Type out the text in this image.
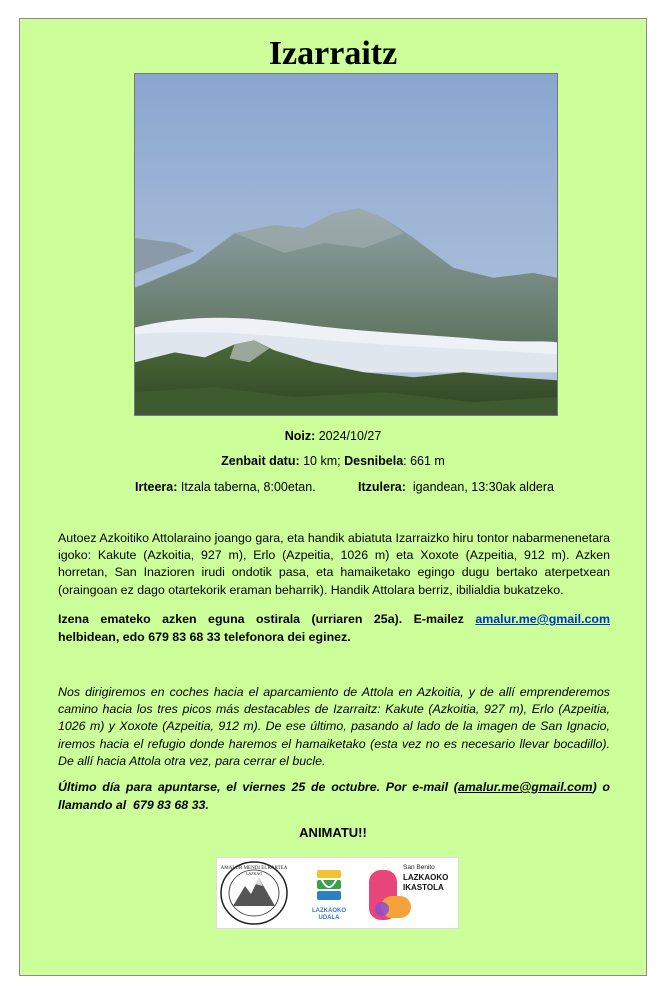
Izarraitz
Noiz: 2024/10/27
Zenbait datu: 10 km; Desnibela: 661 m
Irteera: Itzala taberna, 8:00etan.	Itzulera:  igandean, 13:30ak aldera
Autoez Azkoitiko Attolaraino joango gara, eta handik abiatuta Izarraizko hiru tontor nabarmenenetara igoko: Kakute (Azkoitia, 927 m), Erlo (Azpeitia, 1026 m) eta Xoxote (Azpeitia, 912 m). Azken horretan, San Inazioren irudi ondotik pasa, eta hamaiketako egingo dugu bertako aterpetxean (oraingoan ez dago otartekorik eraman beharrik). Handik Attolara berriz, ibilialdia bukatzeko.
Izena emateko azken eguna ostirala (urriaren 25a). E-mailez amalur.me@gmail.com helbidean, edo 679 83 68 33 telefonora dei eginez.
Nos dirigiremos en coches hacia el aparcamiento de Attola en Azkoitia, y de allí emprenderemos camino hacia los tres picos más destacables de Izarraitz: Kakute (Azkoitia, 927 m), Erlo (Azpeitia, 1026 m) y Xoxote (Azpeitia, 912 m). De ese último, pasando al lado de la imagen de San Ignacio, iremos hacia el refugio donde haremos el hamaiketako (esta vez no es necesario llevar bocadillo). De allí hacia Attola otra vez, para cerrar el bucle.
Último día para apuntarse, el viernes 25 de octubre. Por e-mail (amalur.me@gmail.com) o llamando al  679 83 68 33.
ANIMATU!!
AMALUR MENDI ELKARTEA
LAZKAO
LAZKAOKO
UDALA
San Benito
LAZKAOKO
IKASTOLA
